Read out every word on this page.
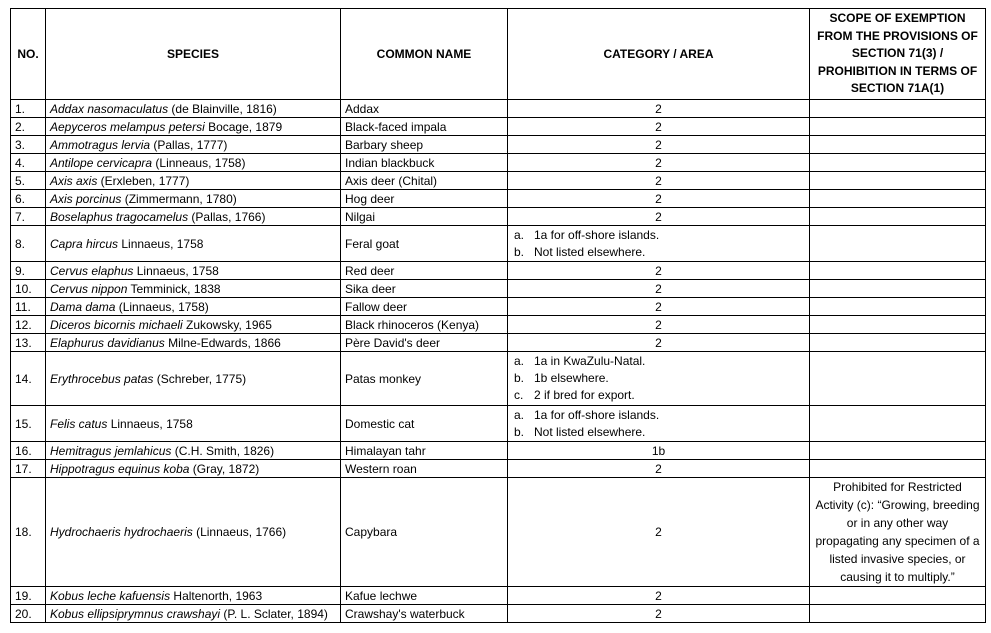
NO.	SPECIES	COMMON NAME	CATEGORY / AREA	SCOPE OF EXEMPTION
FROM THE PROVISIONS OF
SECTION 71(3) /
PROHIBITION IN TERMS OF
SECTION 71A(1)
1.	Addax nasomaculatus (de Blainville, 1816)	Addax	2	
2.	Aepyceros melampus petersi Bocage, 1879	Black-faced impala	2	
3.	Ammotragus lervia (Pallas, 1777)	Barbary sheep	2	
4.	Antilope cervicapra (Linneaus, 1758)	Indian blackbuck	2	
5.	Axis axis (Erxleben, 1777)	Axis deer (Chital)	2	
6.	Axis porcinus (Zimmermann, 1780)	Hog deer	2	
7.	Boselaphus tragocamelus (Pallas, 1766)	Nilgai	2	
8.	Capra hircus Linnaeus, 1758	Feral goat	a. 1a for off-shore islands.
b. Not listed elsewhere.	

9.	Cervus elaphus Linnaeus, 1758	Red deer	2	
10.	Cervus nippon Temminick, 1838	Sika deer	2	
11.	Dama dama (Linnaeus, 1758)	Fallow deer	2	
12.	Diceros bicornis michaeli Zukowsky, 1965	Black rhinoceros (Kenya)	2	
13.	Elaphurus davidianus Milne-Edwards, 1866	Père David's deer	2	
14.	Erythrocebus patas (Schreber, 1775)	Patas monkey	a. 1a in KwaZulu-Natal.
b. 1b elsewhere.
c. 2 if bred for export.	

15.	Felis catus Linnaeus, 1758	Domestic cat	a. 1a for off-shore islands.
b. Not listed elsewhere.	

16.	Hemitragus jemlahicus (C.H. Smith, 1826)	Himalayan tahr	1b	
17.	Hippotragus equinus koba (Gray, 1872)	Western roan	2	
18.	Hydrochaeris hydrochaeris (Linnaeus, 1766)	Capybara	2	Prohibited for Restricted Activity (c): “Growing, breeding or in any other way propagating any specimen of a listed invasive species, or causing it to multiply.”
19.	Kobus leche kafuensis Haltenorth, 1963	Kafue lechwe	2	
20.	Kobus ellipsiprymnus crawshayi (P. L. Sclater, 1894)	Crawshay's waterbuck	2	
